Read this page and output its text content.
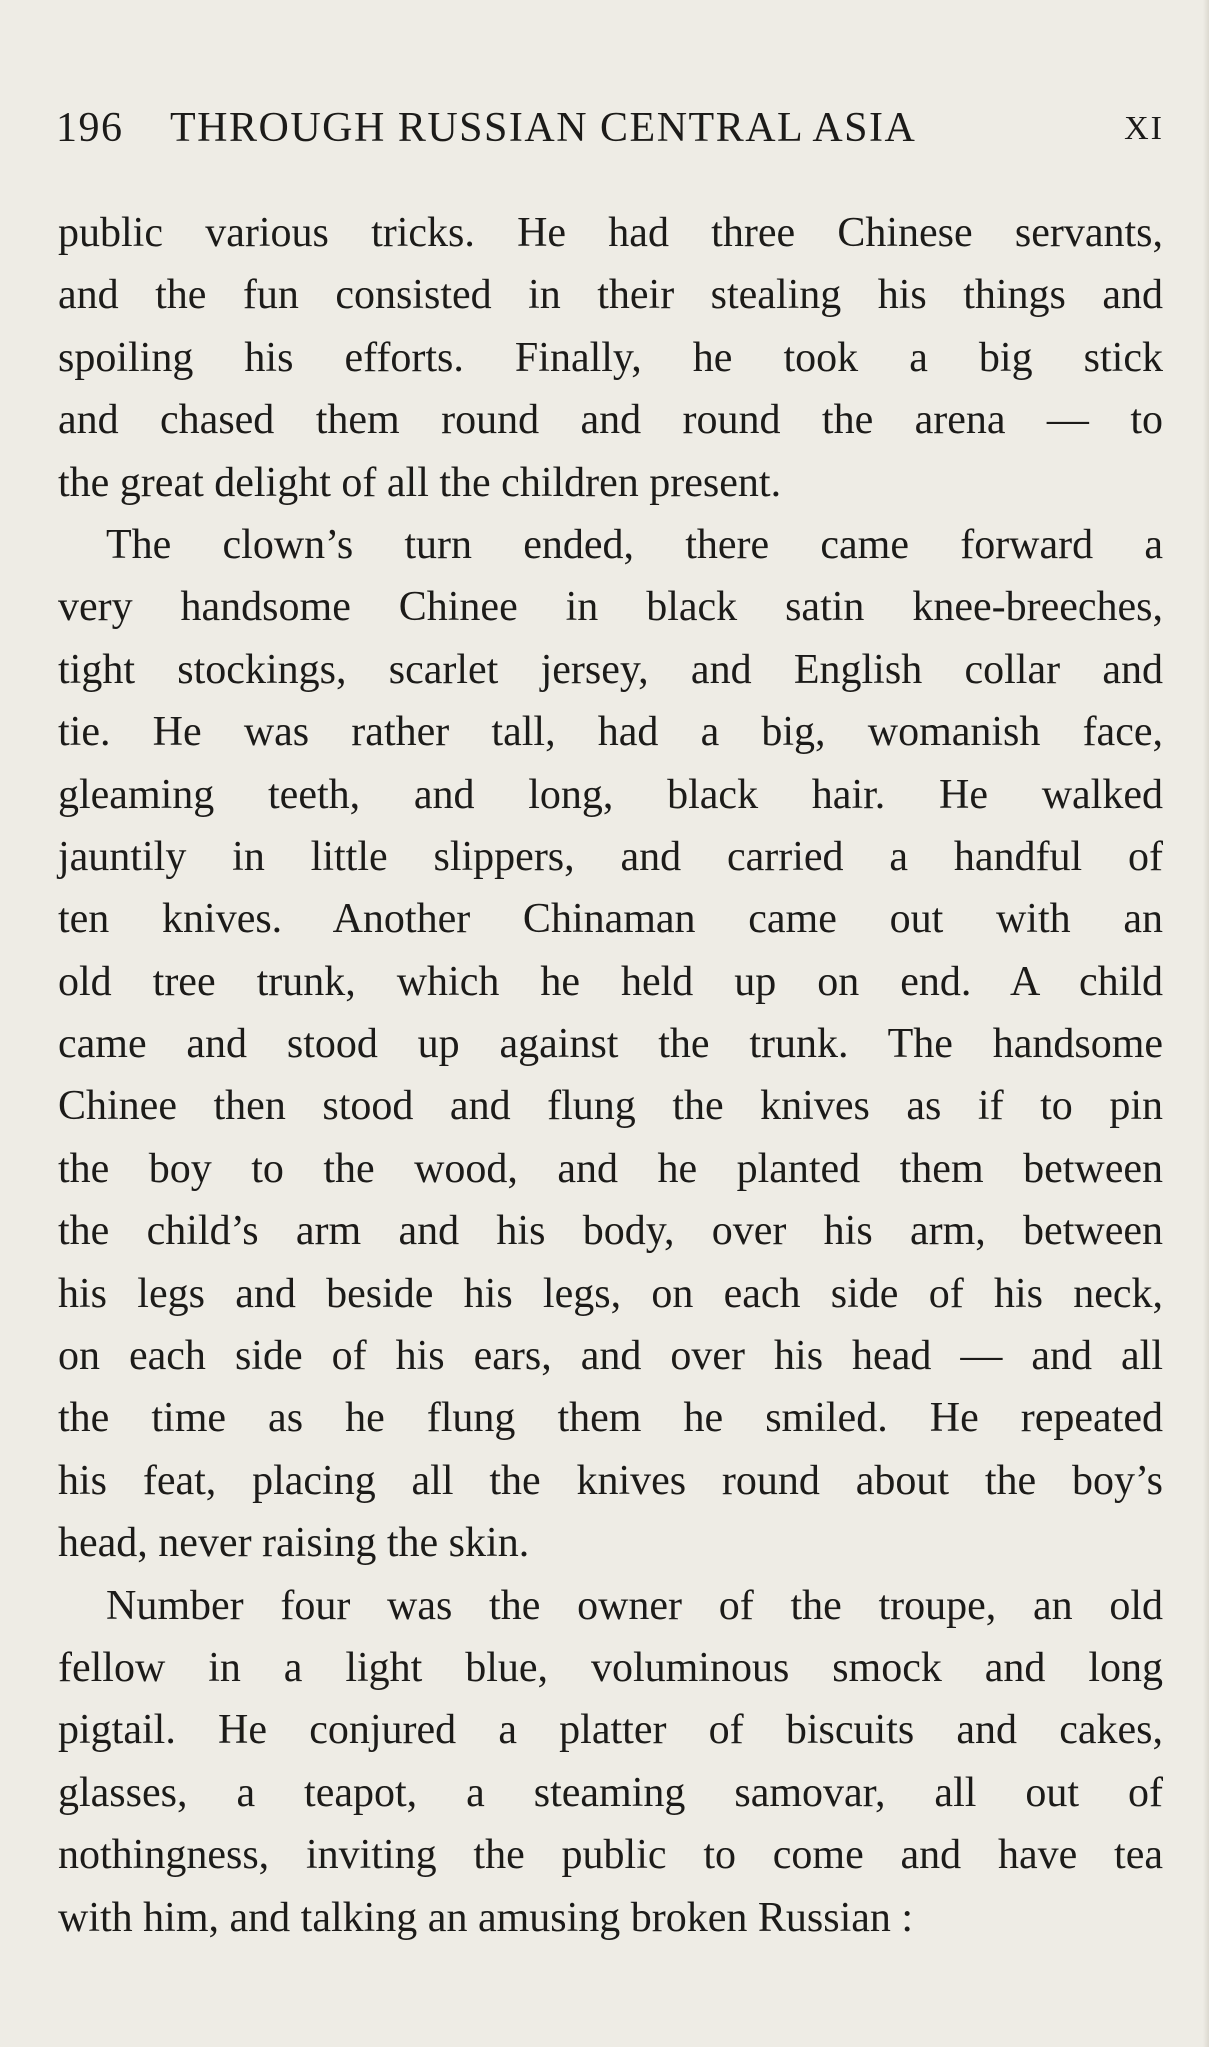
196 THROUGH RUSSIAN CENTRAL ASIA	XI
public various tricks. He had three Chinese servants,
and the fun consisted in their stealing his things and
spoiling his efforts. Finally, he took a big stick
and chased them round and round the arena — to
the great delight of all the children present.
The clown’s turn ended, there came forward a
very handsome Chinee in black satin knee-breeches,
tight stockings, scarlet jersey, and English collar and
tie. He was rather tall, had a big, womanish face,
gleaming teeth, and long, black hair. He walked
jauntily in little slippers, and carried a handful of
ten knives. Another Chinaman came out with an
old tree trunk, which he held up on end. A child
came and stood up against the trunk. The handsome
Chinee then stood and flung the knives as if to pin
the boy to the wood, and he planted them between
the child’s arm and his body, over his arm, between
his legs and beside his legs, on each side of his neck,
on each side of his ears, and over his head — and all
the time as he flung them he smiled. He repeated
his feat, placing all the knives round about the boy’s
head, never raising the skin.
Number four was the owner of the troupe, an old
fellow in a light blue, voluminous smock and long
pigtail. He conjured a platter of biscuits and cakes,
glasses, a teapot, a steaming samovar, all out of
nothingness, inviting the public to come and have tea
with him, and talking an amusing broken Russian :
